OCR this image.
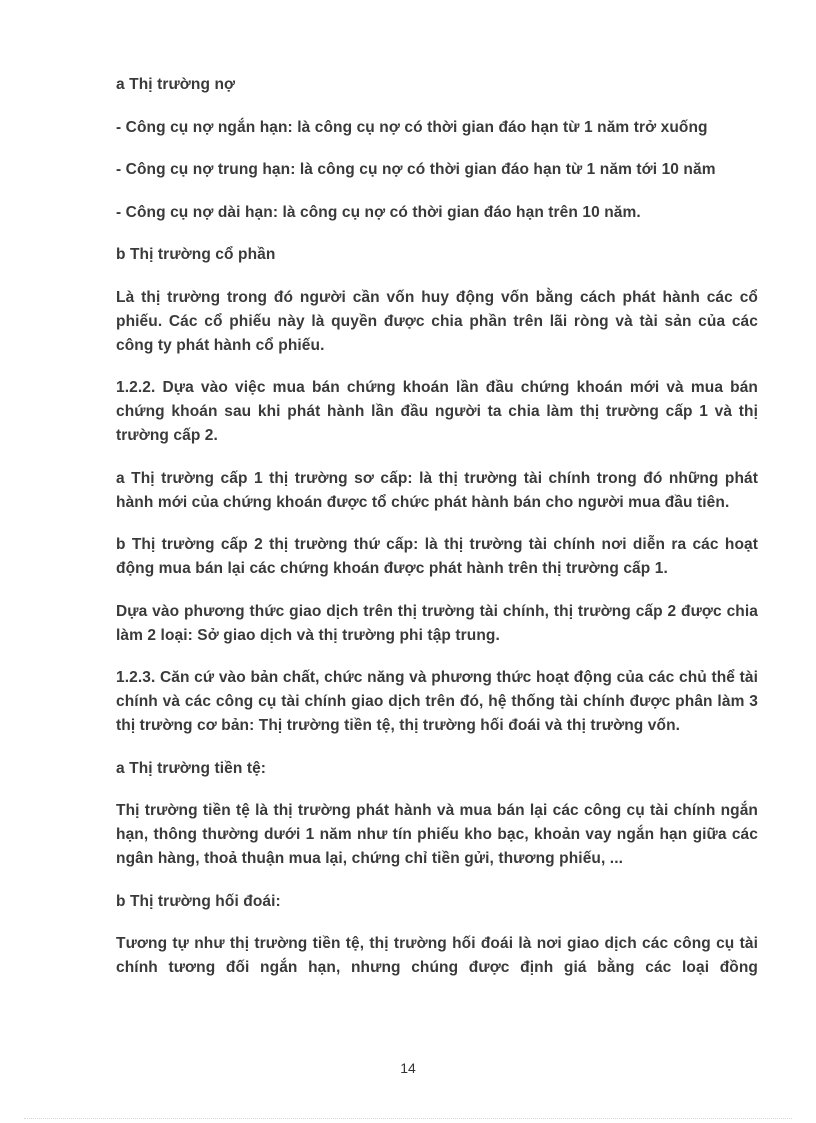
a Thị trường nợ

- Công cụ nợ ngắn hạn: là công cụ nợ có thời gian đáo hạn từ 1 năm trở xuống

- Công cụ nợ trung hạn: là công cụ nợ có thời gian đáo hạn từ 1 năm tới 10 năm

- Công cụ nợ dài hạn: là công cụ nợ có thời gian đáo hạn trên 10 năm.

b Thị trường cổ phần

Là thị trường trong đó người cần vốn huy động vốn bằng cách phát hành các cổ phiếu. Các cổ phiếu này là quyền được chia phần trên lãi ròng và tài sản của các công ty phát hành cổ phiếu.

1.2.2. Dựa vào việc mua bán chứng khoán lần đầu chứng khoán mới và mua bán chứng khoán sau khi phát hành lần đầu người ta chia làm thị trường cấp 1 và thị trường cấp 2.

a Thị trường cấp 1 thị trường sơ cấp: là thị trường tài chính trong đó những phát hành mới của chứng khoán được tổ chức phát hành bán cho người mua đầu tiên.

b Thị trường cấp 2 thị trường thứ cấp: là thị trường tài chính nơi diễn ra các hoạt động mua bán lại các chứng khoán được phát hành trên thị trường cấp 1.

Dựa vào phương thức giao dịch trên thị trường tài chính, thị trường cấp 2 được chia làm 2 loại: Sở giao dịch và thị trường phi tập trung.

1.2.3. Căn cứ vào bản chất, chức năng và phương thức hoạt động của các chủ thể tài chính và các công cụ tài chính giao dịch trên đó, hệ thống tài chính được phân làm 3 thị trường cơ bản: Thị trường tiền tệ, thị trường hối đoái và thị trường vốn.

a Thị trường tiền tệ:

Thị trường tiền tệ là thị trường phát hành và mua bán lại các công cụ tài chính ngắn hạn, thông thường dưới 1 năm như tín phiếu kho bạc, khoản vay ngắn hạn giữa các ngân hàng, thoả thuận mua lại, chứng chỉ tiền gửi, thương phiếu, ...

b Thị trường hối đoái:

Tương tự như thị trường tiền tệ, thị trường hối đoái là nơi giao dịch các công cụ tài chính tương đối ngắn hạn, nhưng chúng được định giá bằng các loại đồng

14
